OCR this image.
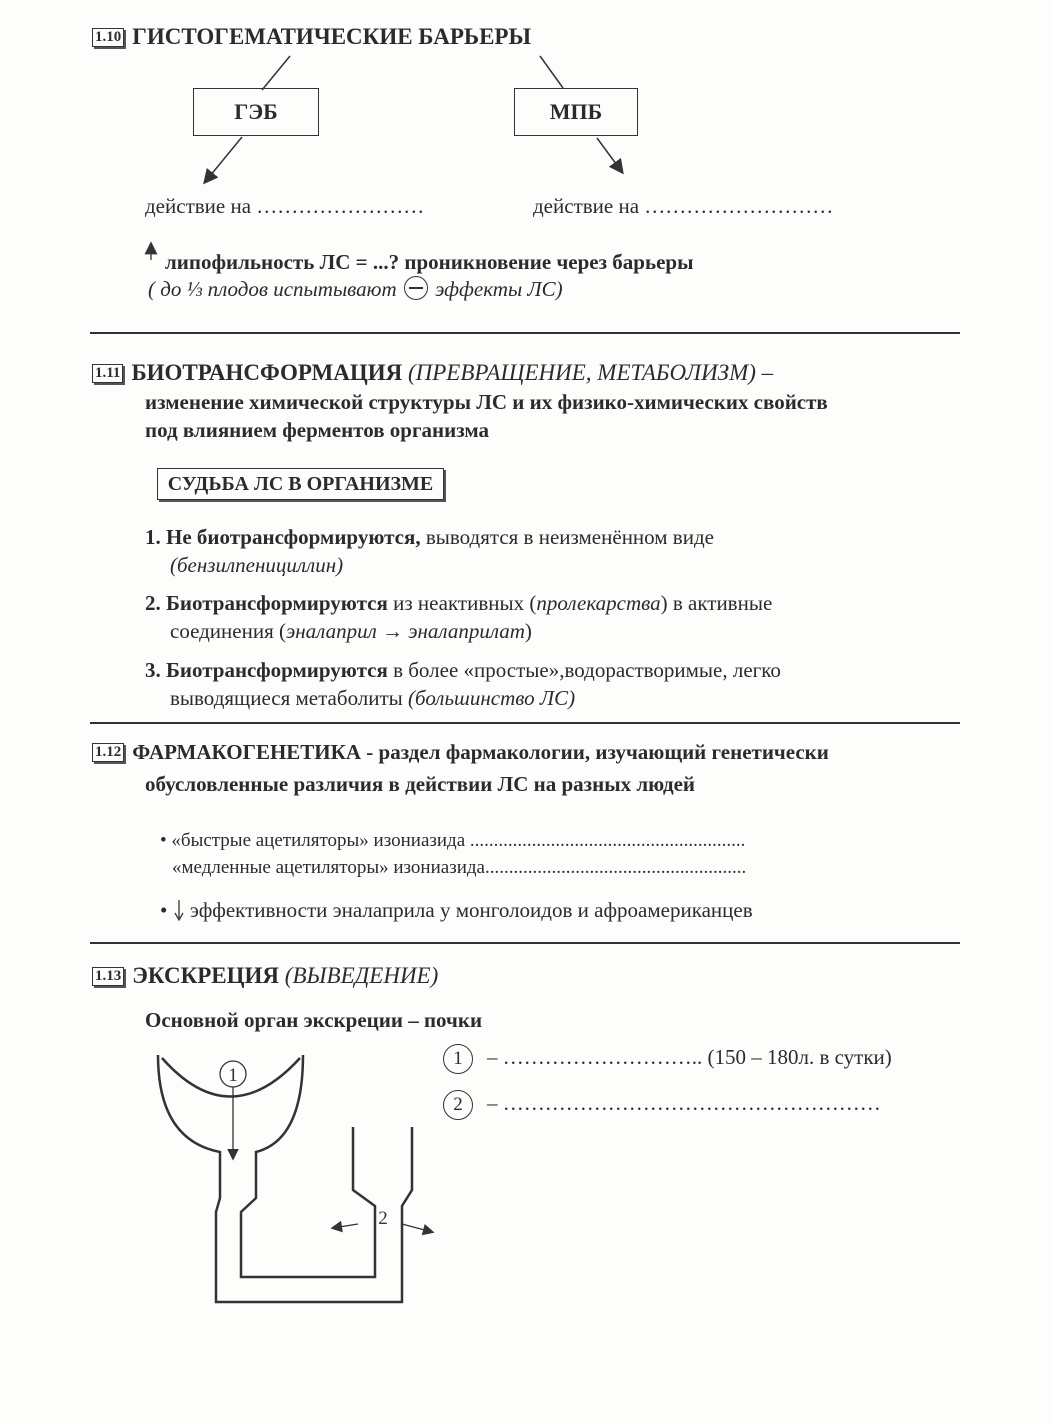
1.10 ГИСТОГЕМАТИЧЕСКИЕ БАРЬЕРЫ
ГЭБ	МПБ
действие на ……………………	действие на ………………………
липофильность ЛС = ...? проникновение через барьеры
( до ⅓ плодов испытывают эффекты ЛС)
1.11 БИОТРАНСФОРМАЦИЯ (ПРЕВРАЩЕНИЕ, МЕТАБОЛИЗМ) –
изменение химической структуры ЛС и их физико-химических свойств
под влиянием ферментов организма
СУДЬБА ЛС В ОРГАНИЗМЕ
1. Не биотрансформируются, выводятся в неизменённом виде
(бензилпенициллин)
2. Биотрансформируются из неактивных (пролекарства) в активные
соединения (эналаприл → эналаприлат)
3. Биотрансформируются в более «простые»,водорастворимые, легко
выводящиеся метаболиты (большинство ЛС)
1.12 ФАРМАКОГЕНЕТИКА - раздел фармакологии, изучающий генетически
обусловленные различия в действии ЛС на разных людей
• «быстрые ацетиляторы» изониазида ..........................................................
«медленные ацетиляторы» изониазида.......................................................
•  эффективности эналаприла у монголоидов и афроамериканцев
1.13 ЭКСКРЕЦИЯ (ВЫВЕДЕНИЕ)
Основной орган экскреции – почки
1
2
1 – ……………………….. (150 – 180л. в сутки)
2 – ………………………………………………
